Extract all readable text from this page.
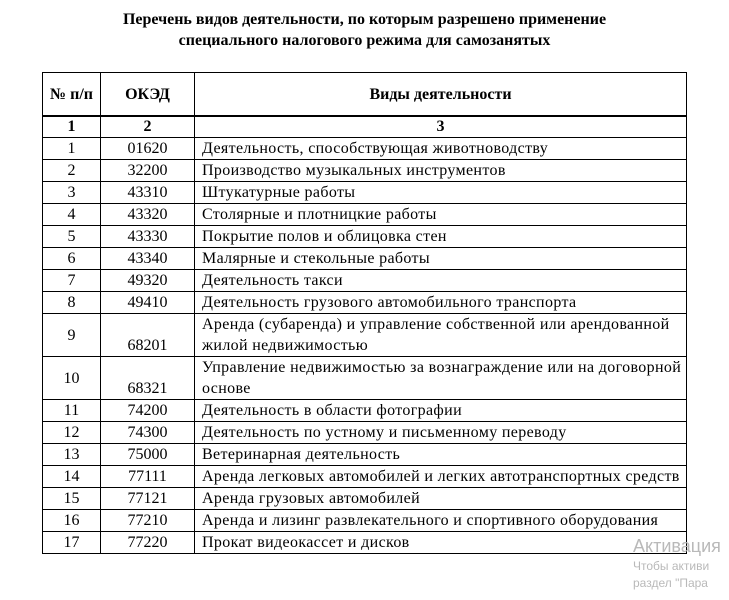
Перечень видов деятельности, по которым разрешено применение
специального налогового режима для самозанятых
№ п/п	ОКЭД	Виды деятельности
1	2	3
1	01620	Деятельность, способствующая животноводству
2	32200	Производство музыкальных инструментов
3	43310	Штукатурные работы
4	43320	Столярные и плотницкие работы
5	43330	Покрытие полов и облицовка стен
6	43340	Малярные и стекольные работы
7	49320	Деятельность такси
8	49410	Деятельность грузового автомобильного транспорта
9	68201	Аренда (субаренда) и управление собственной или арендованной жилой недвижимостью
10	68321	Управление недвижимостью за вознаграждение или на договорной основе
11	74200	Деятельность в области фотографии
12	74300	Деятельность по устному и письменному переводу
13	75000	Ветеринарная деятельность
14	77111	Аренда легковых автомобилей и легких автотранспортных средств
15	77121	Аренда грузовых автомобилей
16	77210	Аренда и лизинг развлекательного и спортивного оборудования
17	77220	Прокат видеокассет и дисков	Активация
Чтобы активи
раздел "Пара
